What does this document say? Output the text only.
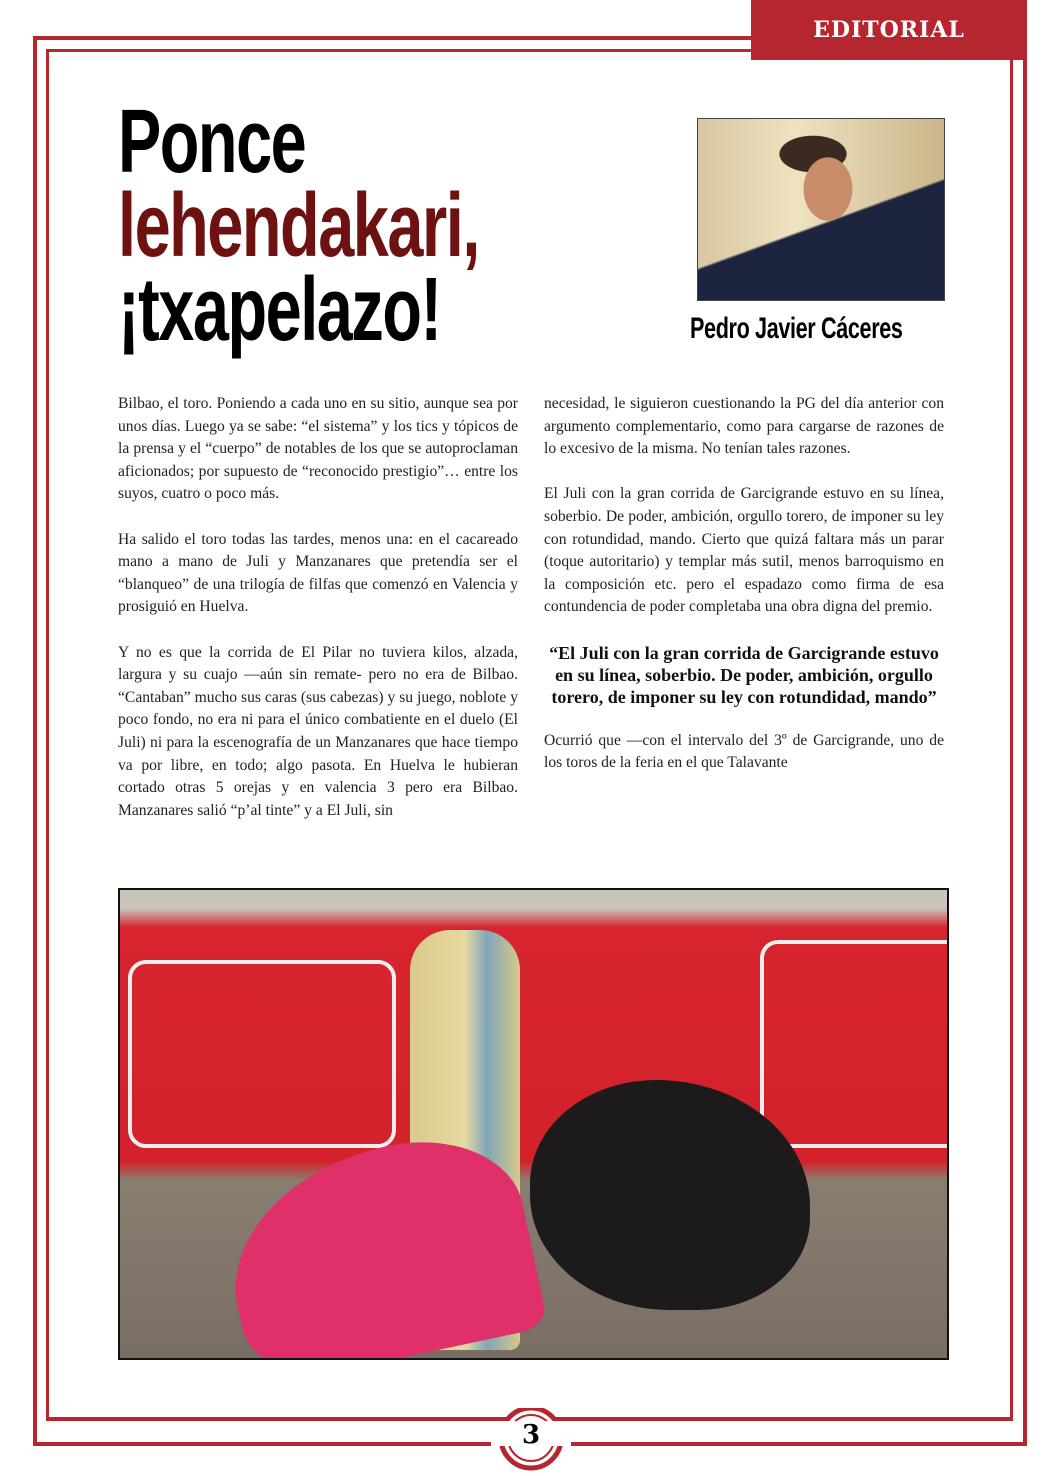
EDITORIAL
Ponce
lehendakari,
¡txapelazo!	Pedro Javier Cáceres

Bilbao, el toro. Poniendo a cada uno en su sitio, aunque sea por unos días. Luego ya se sabe: “el sistema” y los tics y tópicos de la prensa y el “cuerpo” de notables de los que se autoproclaman aficionados; por supuesto de “reconocido prestigio”… entre los suyos, cuatro o poco más.

Ha salido el toro todas las tardes, menos una: en el cacareado mano a mano de Juli y Manzanares que pretendía ser el “blanqueo” de una trilogía de filfas que comenzó en Valencia y prosiguió en Huelva.

Y no es que la corrida de El Pilar no tuviera kilos, alzada, largura y su cuajo —aún sin remate- pero no era de Bilbao. “Cantaban” mucho sus caras (sus cabezas) y su juego, noblote y poco fondo, no era ni para el único combatiente en el duelo (El Juli) ni para la escenografía de un Manzanares que hace tiempo va por libre, en todo; algo pasota. En Huelva le hubieran cortado otras 5 orejas y en valencia 3 pero era Bilbao. Manzanares salió “p’al tinte” y a El Juli, sin

necesidad, le siguieron cuestionando la PG del día anterior con argumento complementario, como para cargarse de razones de lo excesivo de la misma. No tenían tales razones.

El Juli con la gran corrida de Garcigrande estuvo en su línea, soberbio. De poder, ambición, orgullo torero, de imponer su ley con rotundidad, mando. Cierto que quizá faltara más un parar (toque autoritario) y templar más sutil, menos barroquismo en la composición etc. pero el espadazo como firma de esa contundencia de poder completaba una obra digna del premio.

“El Juli con la gran corrida de Garcigrande estuvo en su línea, soberbio. De poder, ambición, orgullo torero, de imponer su ley con rotundidad, mando”

Ocurrió que —con el intervalo del 3º de Garcigrande, uno de los toros de la feria en el que Talavante

3
